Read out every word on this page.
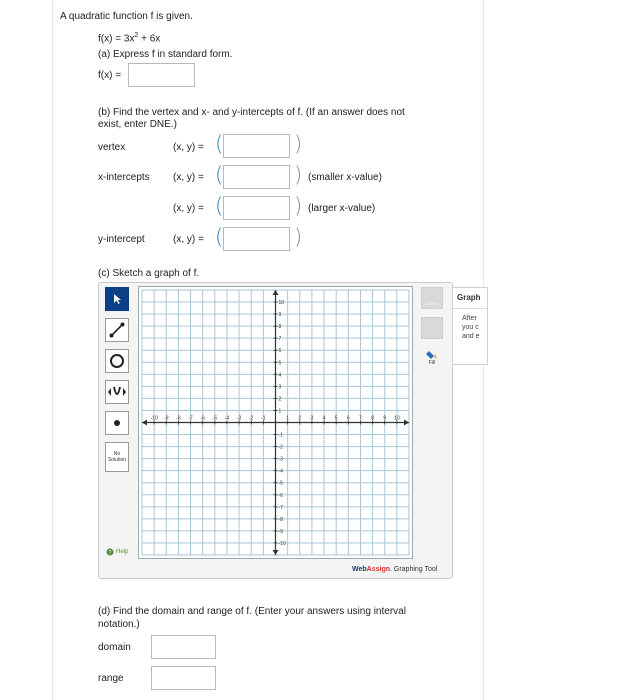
A quadratic function f is given.
$f(x) = 3x^2 + 6x$
(a) Express f in standard form.
f(x) =
(b) Find the vertex and x- and y-intercepts of f. (If an answer does not
exist, enter DNE.)
vertex	(x, y) = (	)
x-intercepts (x, y) = (	) (smaller x-value)
(x, y) = (	) (larger x-value)
y-intercept	(x, y) = (	)
(c) Sketch a graph of f.
No Solution
? Help
-10 -9 -8 -7 -6 -5 -4 -3 -2 -1	1 2 3 4 5 6 7 8 9 10
10
9
8
7
6
5
4
3
2
1
-1
-2
-3
-4
-5
-6
-7
-8
-9
-10
Delete
Fill
WebAssign. Graphing Tool
Graph
After
you c
and e
(d) Find the domain and range of f. (Enter your answers using interval
notation.)
domain
range
